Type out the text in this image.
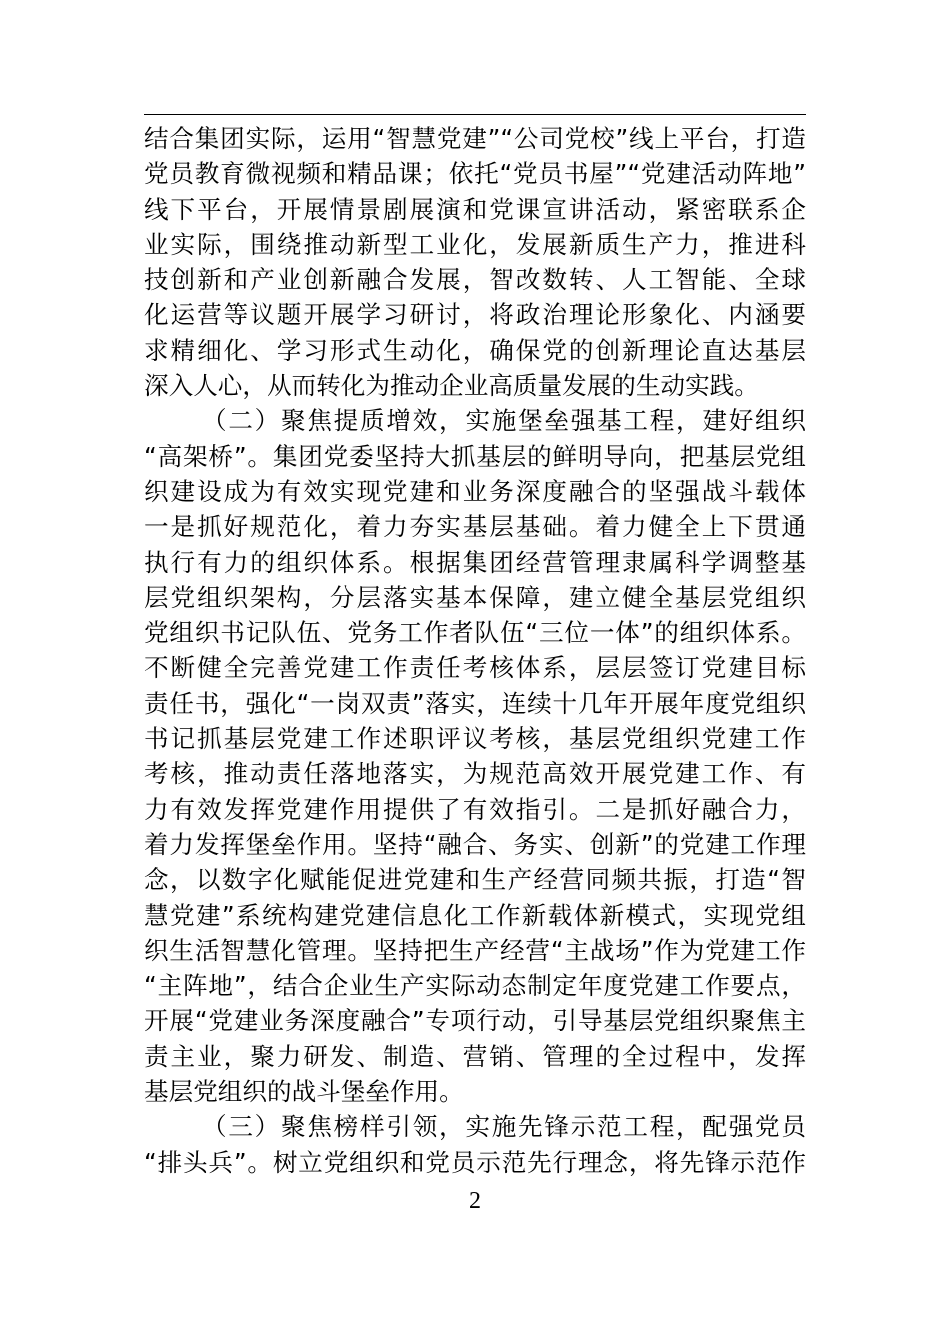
结合集团实际，运用“智慧党建”“公司党校”线上平台，打造
党员教育微视频和精品课；依托“党员书屋”“党建活动阵地”
线下平台，开展情景剧展演和党课宣讲活动，紧密联系企
业实际，围绕推动新型工业化，发展新质生产力，推进科
技创新和产业创新融合发展，智改数转、人工智能、全球
化运营等议题开展学习研讨，将政治理论形象化、内涵要
求精细化、学习形式生动化，确保党的创新理论直达基层
深入人心，从而转化为推动企业高质量发展的生动实践。
（二）聚焦提质增效，实施堡垒强基工程，建好组织
“高架桥”。集团党委坚持大抓基层的鲜明导向，把基层党组
织建设成为有效实现党建和业务深度融合的坚强战斗载体
一是抓好规范化，着力夯实基层基础。着力健全上下贯通
执行有力的组织体系。根据集团经营管理隶属科学调整基
层党组织架构，分层落实基本保障，建立健全基层党组织
党组织书记队伍、党务工作者队伍“三位一体”的组织体系。
不断健全完善党建工作责任考核体系，层层签订党建目标
责任书，强化“一岗双责”落实，连续十几年开展年度党组织
书记抓基层党建工作述职评议考核，基层党组织党建工作
考核，推动责任落地落实，为规范高效开展党建工作、有
力有效发挥党建作用提供了有效指引。二是抓好融合力，
着力发挥堡垒作用。坚持“融合、务实、创新”的党建工作理
念，以数字化赋能促进党建和生产经营同频共振，打造“智
慧党建”系统构建党建信息化工作新载体新模式，实现党组
织生活智慧化管理。坚持把生产经营“主战场”作为党建工作
“主阵地”，结合企业生产实际动态制定年度党建工作要点，
开展“党建业务深度融合”专项行动，引导基层党组织聚焦主
责主业，聚力研发、制造、营销、管理的全过程中，发挥
基层党组织的战斗堡垒作用。
（三）聚焦榜样引领，实施先锋示范工程，配强党员
“排头兵”。树立党组织和党员示范先行理念，将先锋示范作
2
